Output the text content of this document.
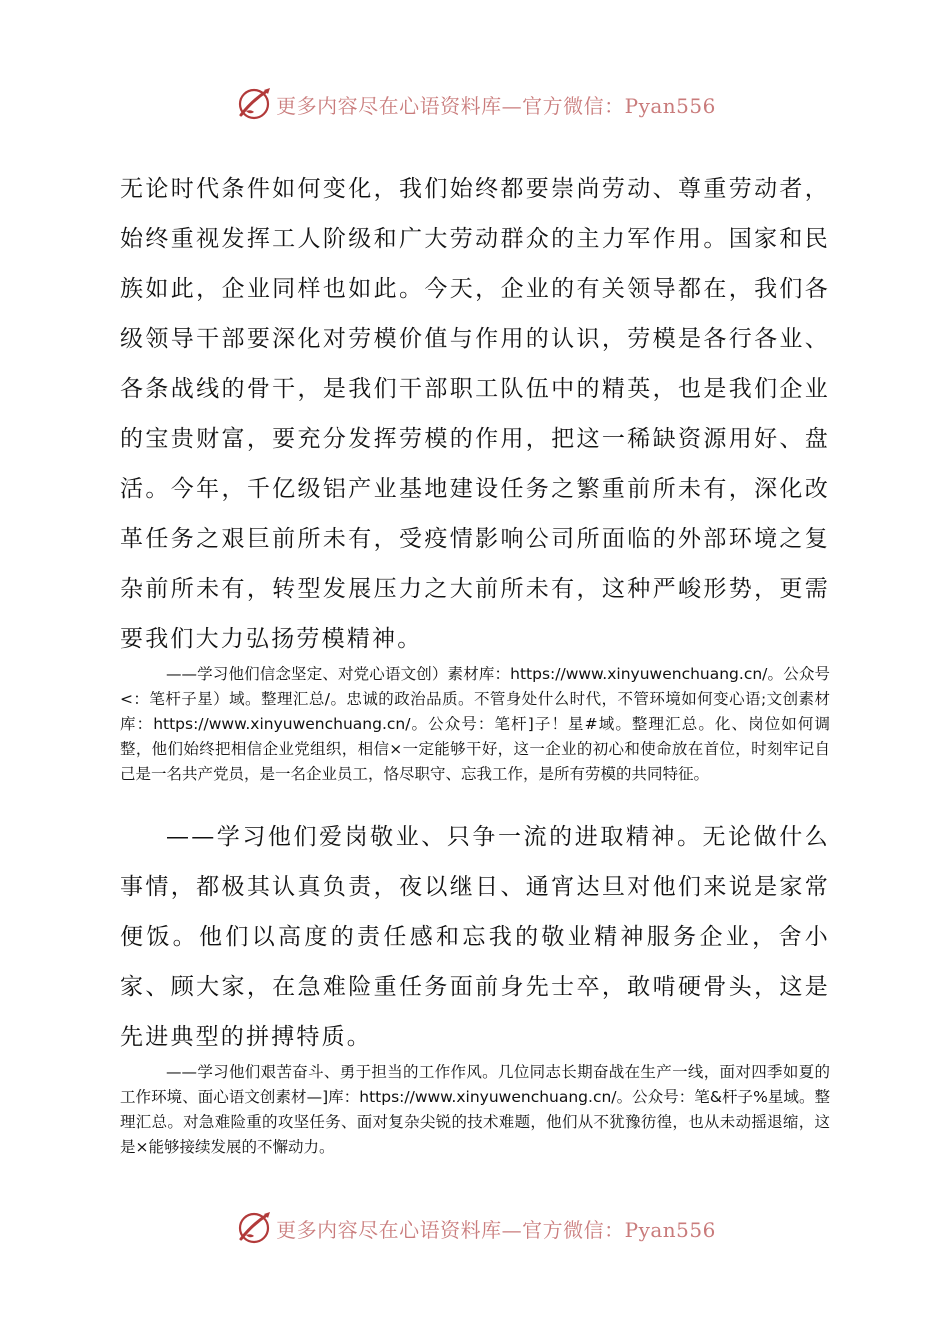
更多内容尽在心语资料库—官方微信：Pyan556

无论时代条件如何变化，我们始终都要崇尚劳动、尊重劳动者，始终重视发挥工人阶级和广大劳动群众的主力军作用。国家和民族如此，企业同样也如此。今天，企业的有关领导都在，我们各级领导干部要深化对劳模价值与作用的认识，劳模是各行各业、各条战线的骨干，是我们干部职工队伍中的精英，也是我们企业的宝贵财富，要充分发挥劳模的作用，把这一稀缺资源用好、盘活。今年，千亿级铝产业基地建设任务之繁重前所未有，深化改革任务之艰巨前所未有，受疫情影响公司所面临的外部环境之复杂前所未有，转型发展压力之大前所未有，这种严峻形势，更需要我们大力弘扬劳模精神。

——学习他们信念坚定、对党心语文创）素材库：https://www.xinyuwenchuang.cn/。公众号<：笔杆子星）域。整理汇总/。忠诚的政治品质。不管身处什么时代，不管环境如何变心语;文创素材库：https://www.xinyuwenchuang.cn/。公众号：笔杆]子！星#域。整理汇总。化、岗位如何调整，他们始终把相信企业党组织，相信×一定能够干好，这一企业的初心和使命放在首位，时刻牢记自己是一名共产党员，是一名企业员工，恪尽职守、忘我工作，是所有劳模的共同特征。

——学习他们爱岗敬业、只争一流的进取精神。无论做什么事情，都极其认真负责，夜以继日、通宵达旦对他们来说是家常便饭。他们以高度的责任感和忘我的敬业精神服务企业，舍小家、顾大家，在急难险重任务面前身先士卒，敢啃硬骨头，这是先进典型的拼搏特质。

——学习他们艰苦奋斗、勇于担当的工作作风。几位同志长期奋战在生产一线，面对四季如夏的工作环境、面心语文创素材—]库：https://www.xinyuwenchuang.cn/。公众号：笔&杆子%星域。整理汇总。对急难险重的攻坚任务、面对复杂尖锐的技术难题，他们从不犹豫彷徨，也从未动摇退缩，这是×能够接续发展的不懈动力。

更多内容尽在心语资料库—官方微信：Pyan556
